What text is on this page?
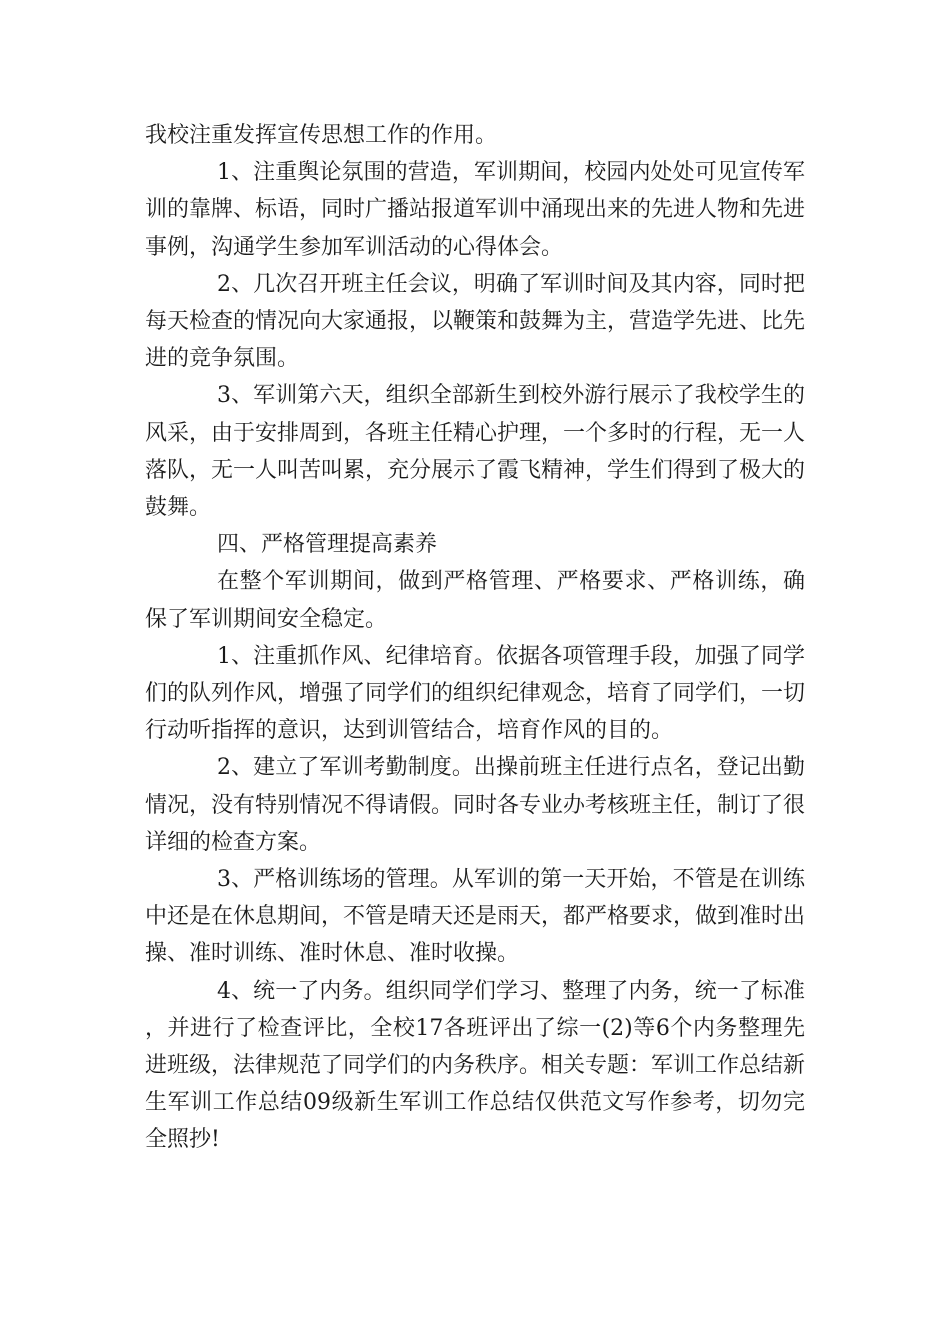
我校注重发挥宣传思想工作的作用。

1、注重舆论氛围的营造，军训期间，校园内处处可见宣传军训的靠牌、标语，同时广播站报道军训中涌现出来的先进人物和先进事例，沟通学生参加军训活动的心得体会。

2、几次召开班主任会议，明确了军训时间及其内容，同时把每天检查的情况向大家通报，以鞭策和鼓舞为主，营造学先进、比先进的竞争氛围。

3、军训第六天，组织全部新生到校外游行展示了我校学生的风采，由于安排周到，各班主任精心护理，一个多时的行程，无一人落队，无一人叫苦叫累，充分展示了霞飞精神，学生们得到了极大的鼓舞。

四、严格管理提高素养

在整个军训期间，做到严格管理、严格要求、严格训练，确保了军训期间安全稳定。

1、注重抓作风、纪律培育。依据各项管理手段，加强了同学们的队列作风，增强了同学们的组织纪律观念，培育了同学们，一切行动听指挥的意识，达到训管结合，培育作风的目的。

2、建立了军训考勤制度。出操前班主任进行点名，登记出勤情况，没有特别情况不得请假。同时各专业办考核班主任，制订了很详细的检查方案。

3、严格训练场的管理。从军训的第一天开始，不管是在训练中还是在休息期间，不管是晴天还是雨天，都严格要求，做到准时出操、准时训练、准时休息、准时收操。

4、统一了内务。组织同学们学习、整理了内务，统一了标准，并进行了检查评比，全校17各班评出了综一(2)等6个内务整理先进班级，法律规范了同学们的内务秩序。相关专题：军训工作总结新生军训工作总结09级新生军训工作总结仅供范文写作参考，切勿完全照抄!
